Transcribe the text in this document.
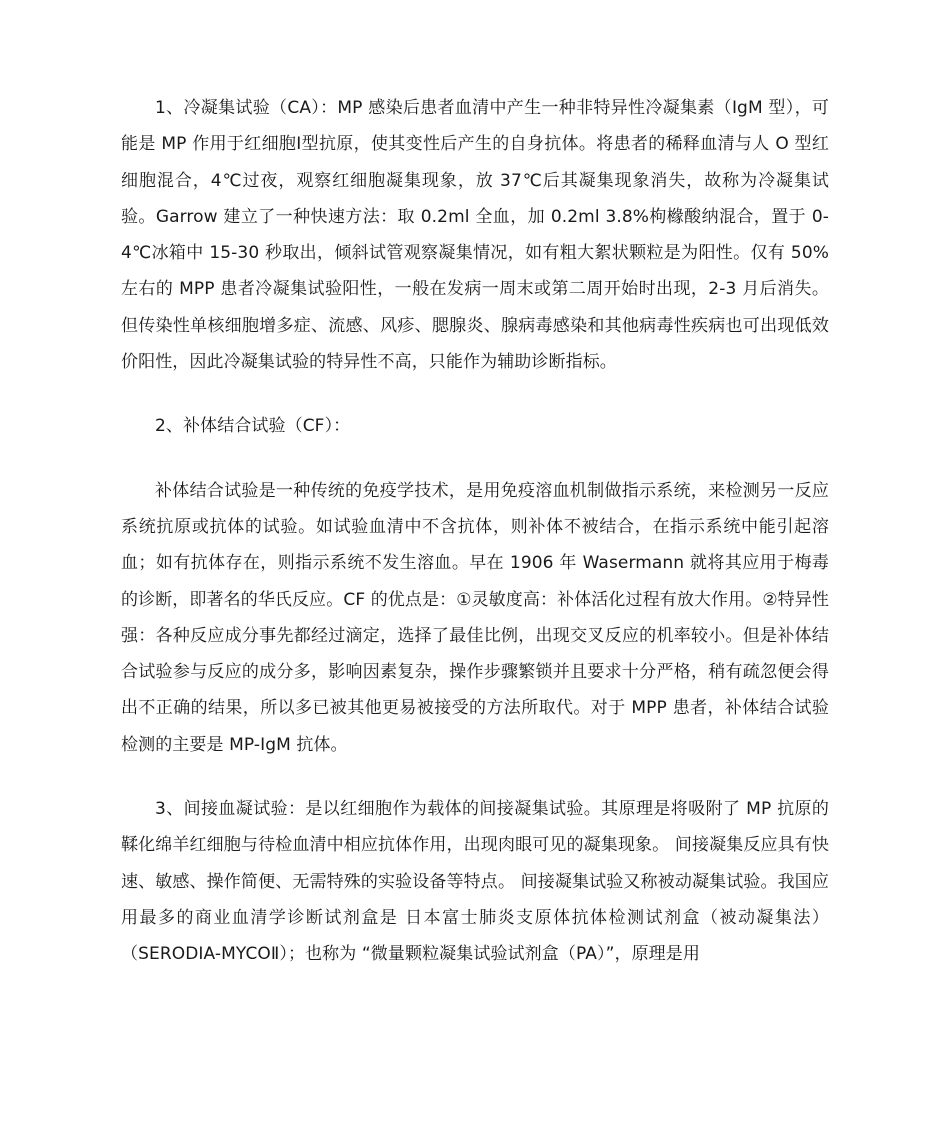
1、冷凝集试验（CA）：MP 感染后患者血清中产生一种非特异性冷凝集素（IgM 型），可能是 MP 作用于红细胞Ⅰ型抗原，使其变性后产生的自身抗体。将患者的稀释血清与人 O 型红细胞混合，4℃过夜，观察红细胞凝集现象，放 37℃后其凝集现象消失，故称为冷凝集试验。Garrow 建立了一种快速方法：取 0.2ml 全血，加 0.2ml 3.8%枸橼酸纳混合，置于 0-4℃冰箱中 15-30 秒取出，倾斜试管观察凝集情况，如有粗大絮状颗粒是为阳性。仅有 50%左右的 MPP 患者冷凝集试验阳性，一般在发病一周末或第二周开始时出现，2-3 月后消失。但传染性单核细胞增多症、流感、风疹、腮腺炎、腺病毒感染和其他病毒性疾病也可出现低效价阳性，因此冷凝集试验的特异性不高，只能作为辅助诊断指标。

2、补体结合试验（CF）：

补体结合试验是一种传统的免疫学技术，是用免疫溶血机制做指示系统，来检测另一反应系统抗原或抗体的试验。如试验血清中不含抗体，则补体不被结合，在指示系统中能引起溶血；如有抗体存在，则指示系统不发生溶血。早在 1906 年 Wasermann 就将其应用于梅毒的诊断，即著名的华氏反应。CF 的优点是：①灵敏度高：补体活化过程有放大作用。②特异性强：各种反应成分事先都经过滴定，选择了最佳比例，出现交叉反应的机率较小。但是补体结合试验参与反应的成分多，影响因素复杂，操作步骤繁锁并且要求十分严格，稍有疏忽便会得出不正确的结果，所以多已被其他更易被接受的方法所取代。对于 MPP 患者，补体结合试验检测的主要是 MP-IgM 抗体。

3、间接血凝试验：是以红细胞作为载体的间接凝集试验。其原理是将吸附了 MP 抗原的鞣化绵羊红细胞与待检血清中相应抗体作用，出现肉眼可见的凝集现象。 间接凝集反应具有快速、敏感、操作简便、无需特殊的实验设备等特点。 间接凝集试验又称被动凝集试验。我国应用最多的商业血清学诊断试剂盒是 日本富士肺炎支原体抗体检测试剂盒（被动凝集法）（SERODIA-MYCOⅡ）；也称为 “微量颗粒凝集试验试剂盒（PA）”，原理是用
